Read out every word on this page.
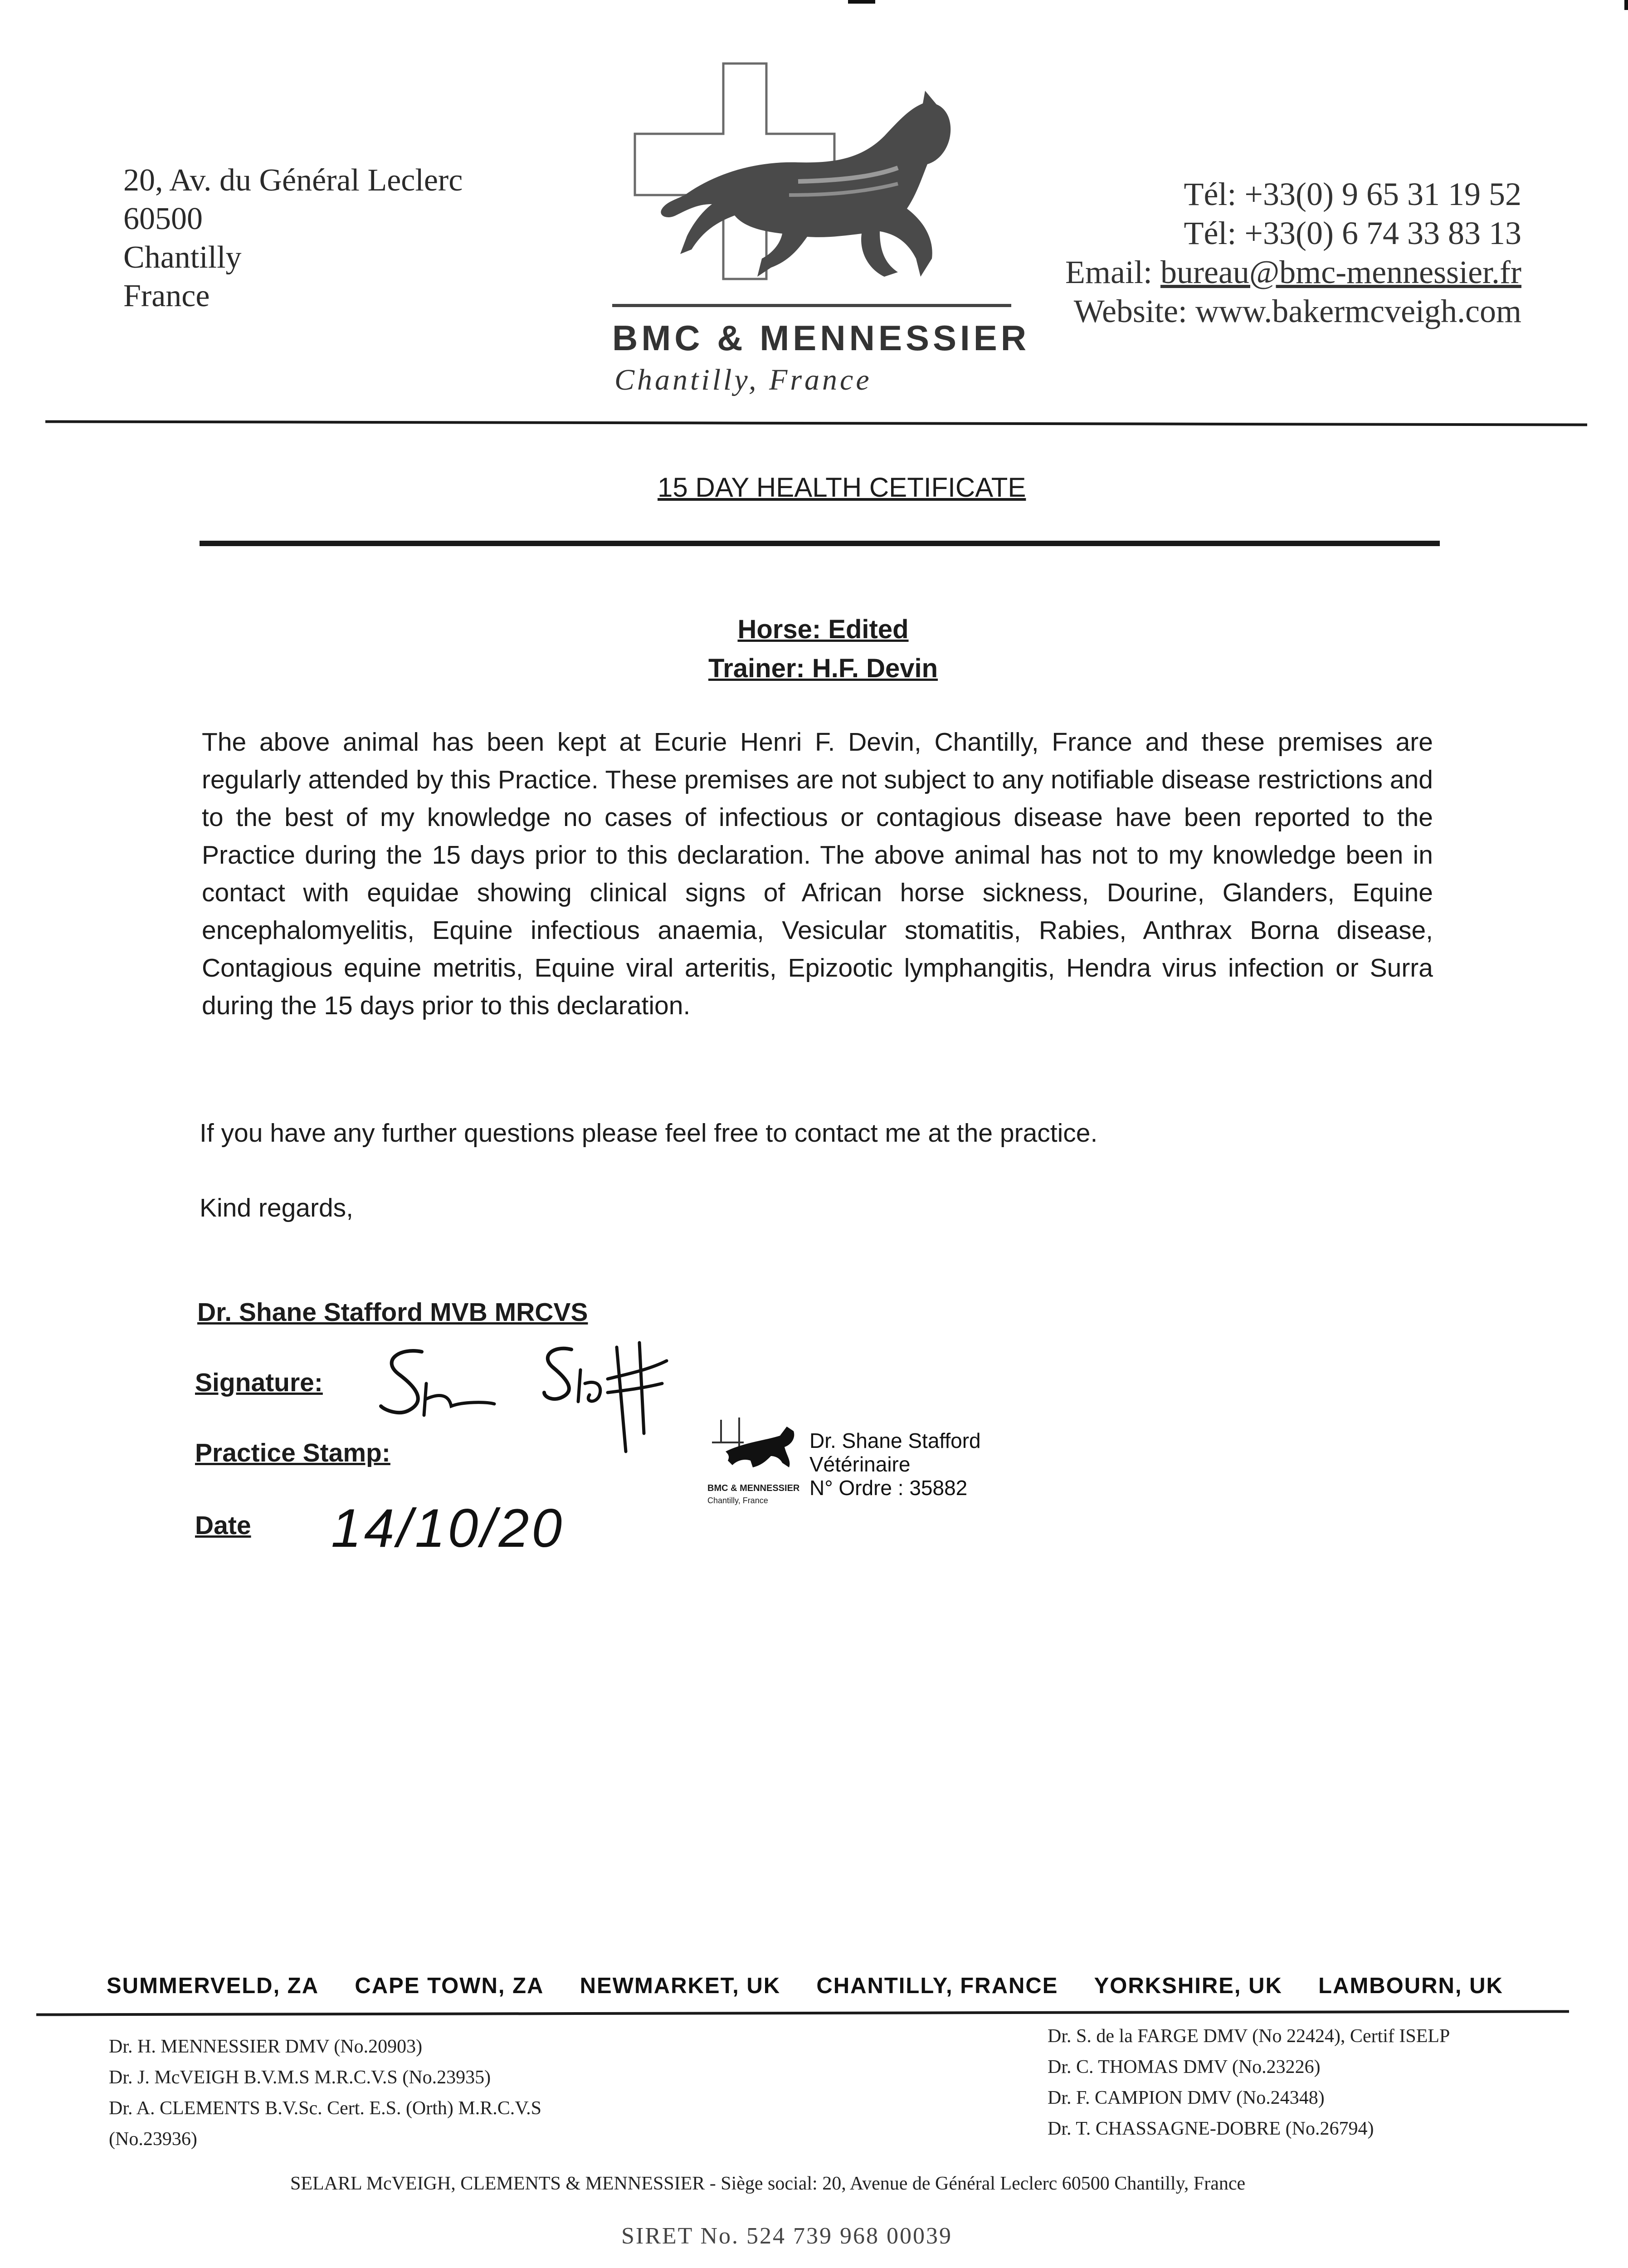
20, Av. du Général Leclerc
60500
Chantilly
France
BMC & MENNESSIER
Chantilly, France
Tél: +33(0) 9 65 31 19 52
Tél: +33(0) 6 74 33 83 13
Email: bureau@bmc-mennessier.fr
Website: www.bakermcveigh.com
15 DAY HEALTH CETIFICATE
Horse: Edited
Trainer: H.F. Devin
The above animal has been kept at Ecurie Henri F. Devin, Chantilly, France and these premises are regularly attended by this Practice. These premises are not subject to any notifiable disease restrictions and to the best of my knowledge no cases of infectious or contagious disease have been reported to the Practice during the 15 days prior to this declaration. The above animal has not to my knowledge been in contact with equidae showing clinical signs of African horse sickness, Dourine, Glanders, Equine encephalomyelitis, Equine infectious anaemia, Vesicular stomatitis, Rabies, Anthrax Borna disease, Contagious equine metritis, Equine viral arteritis, Epizootic lymphangitis, Hendra virus infection or Surra during the 15 days prior to this declaration.
If you have any further questions please feel free to contact me at the practice.
Kind regards,
Dr. Shane Stafford MVB MRCVS
Signature:
Practice Stamp:
Date
BMC & MENNESSIER
Chantilly, France
Dr. Shane Stafford
Vétérinaire
N° Ordre : 35882
14/10/20
SUMMERVELD, ZA CAPE TOWN, ZA NEWMARKET, UK CHANTILLY, FRANCE YORKSHIRE, UK LAMBOURN, UK
Dr. H. MENNESSIER DMV (No.20903)
Dr. J. McVEIGH B.V.M.S M.R.C.V.S (No.23935)
Dr. A. CLEMENTS B.V.Sc. Cert. E.S. (Orth) M.R.C.V.S
(No.23936)
Dr. S. de la FARGE DMV (No 22424), Certif ISELP
Dr. C. THOMAS DMV (No.23226)
Dr. F. CAMPION DMV (No.24348)
Dr. T. CHASSAGNE-DOBRE (No.26794)
SELARL McVEIGH, CLEMENTS & MENNESSIER - Siège social: 20, Avenue de Général Leclerc 60500 Chantilly, France
SIRET No. 524 739 968 00039
